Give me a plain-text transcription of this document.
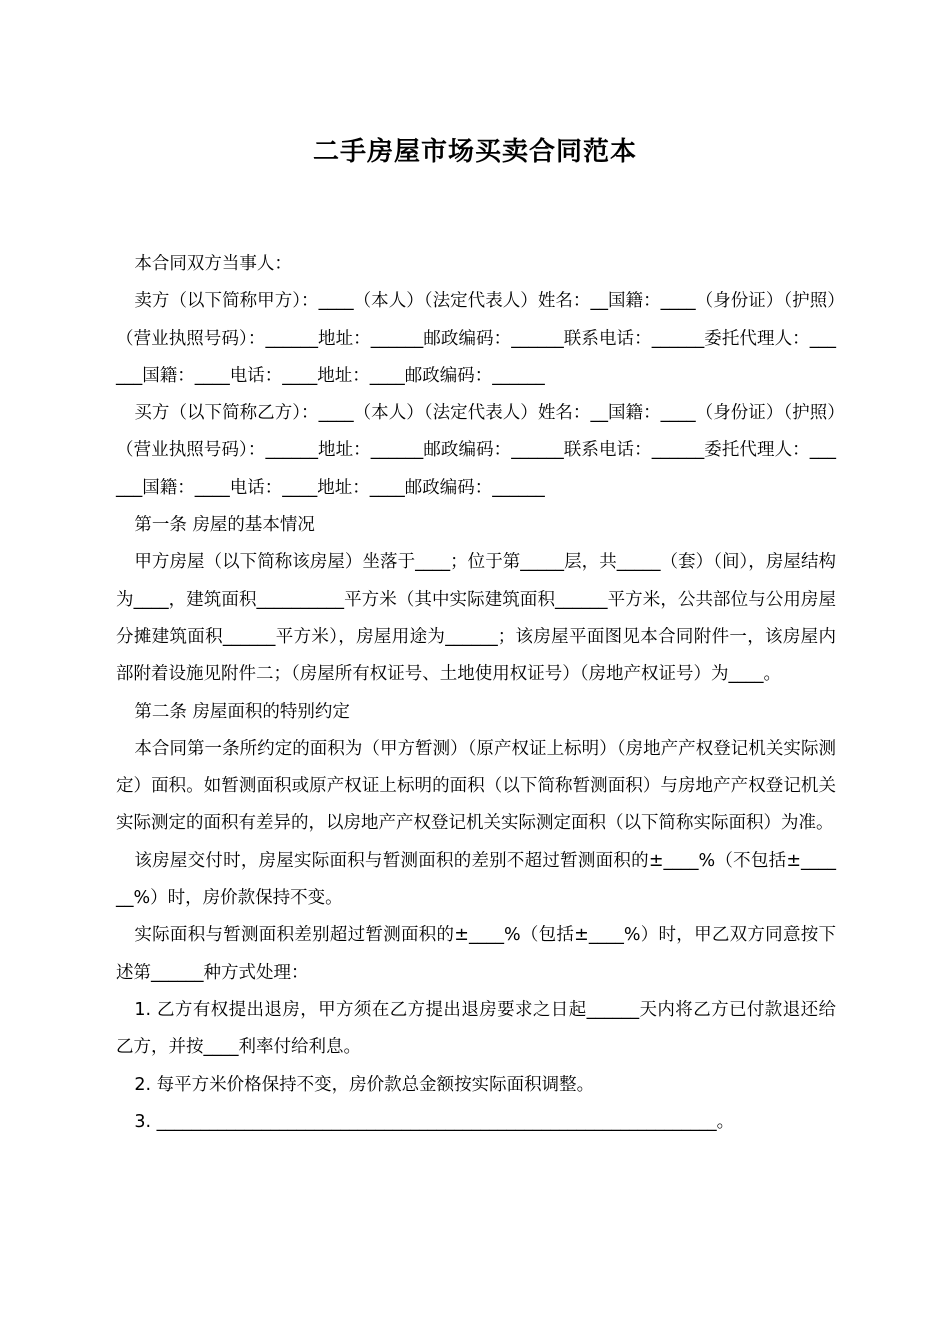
二手房屋市场买卖合同范本

本合同双方当事人：

卖方（以下简称甲方）：____（本人）（法定代表人）姓名：__国籍：____（身份证）（护照）（营业执照号码）：______地址：______邮政编码：______联系电话：______委托代理人：______国籍：____电话：____地址：____邮政编码：______

买方（以下简称乙方）：____（本人）（法定代表人）姓名：__国籍：____（身份证）（护照）（营业执照号码）：______地址：______邮政编码：______联系电话：______委托代理人：______国籍：____电话：____地址：____邮政编码：______

第一条 房屋的基本情况

甲方房屋（以下简称该房屋）坐落于____；位于第_____层，共_____（套）（间），房屋结构为____，建筑面积__________平方米（其中实际建筑面积______平方米，公共部位与公用房屋分摊建筑面积______平方米），房屋用途为______；该房屋平面图见本合同附件一，该房屋内部附着设施见附件二；（房屋所有权证号、土地使用权证号）（房地产权证号）为____。

第二条 房屋面积的特别约定

本合同第一条所约定的面积为（甲方暂测）（原产权证上标明）（房地产产权登记机关实际测定）面积。如暂测面积或原产权证上标明的面积（以下简称暂测面积）与房地产产权登记机关实际测定的面积有差异的，以房地产产权登记机关实际测定面积（以下简称实际面积）为准。

该房屋交付时，房屋实际面积与暂测面积的差别不超过暂测面积的±____%（不包括±______%）时，房价款保持不变。

实际面积与暂测面积差别超过暂测面积的±____%（包括±____%）时，甲乙双方同意按下述第______种方式处理：

1. 乙方有权提出退房，甲方须在乙方提出退房要求之日起______天内将乙方已付款退还给乙方，并按____利率付给利息。

2. 每平方米价格保持不变，房价款总金额按实际面积调整。

3. ________________________________________________________________。
